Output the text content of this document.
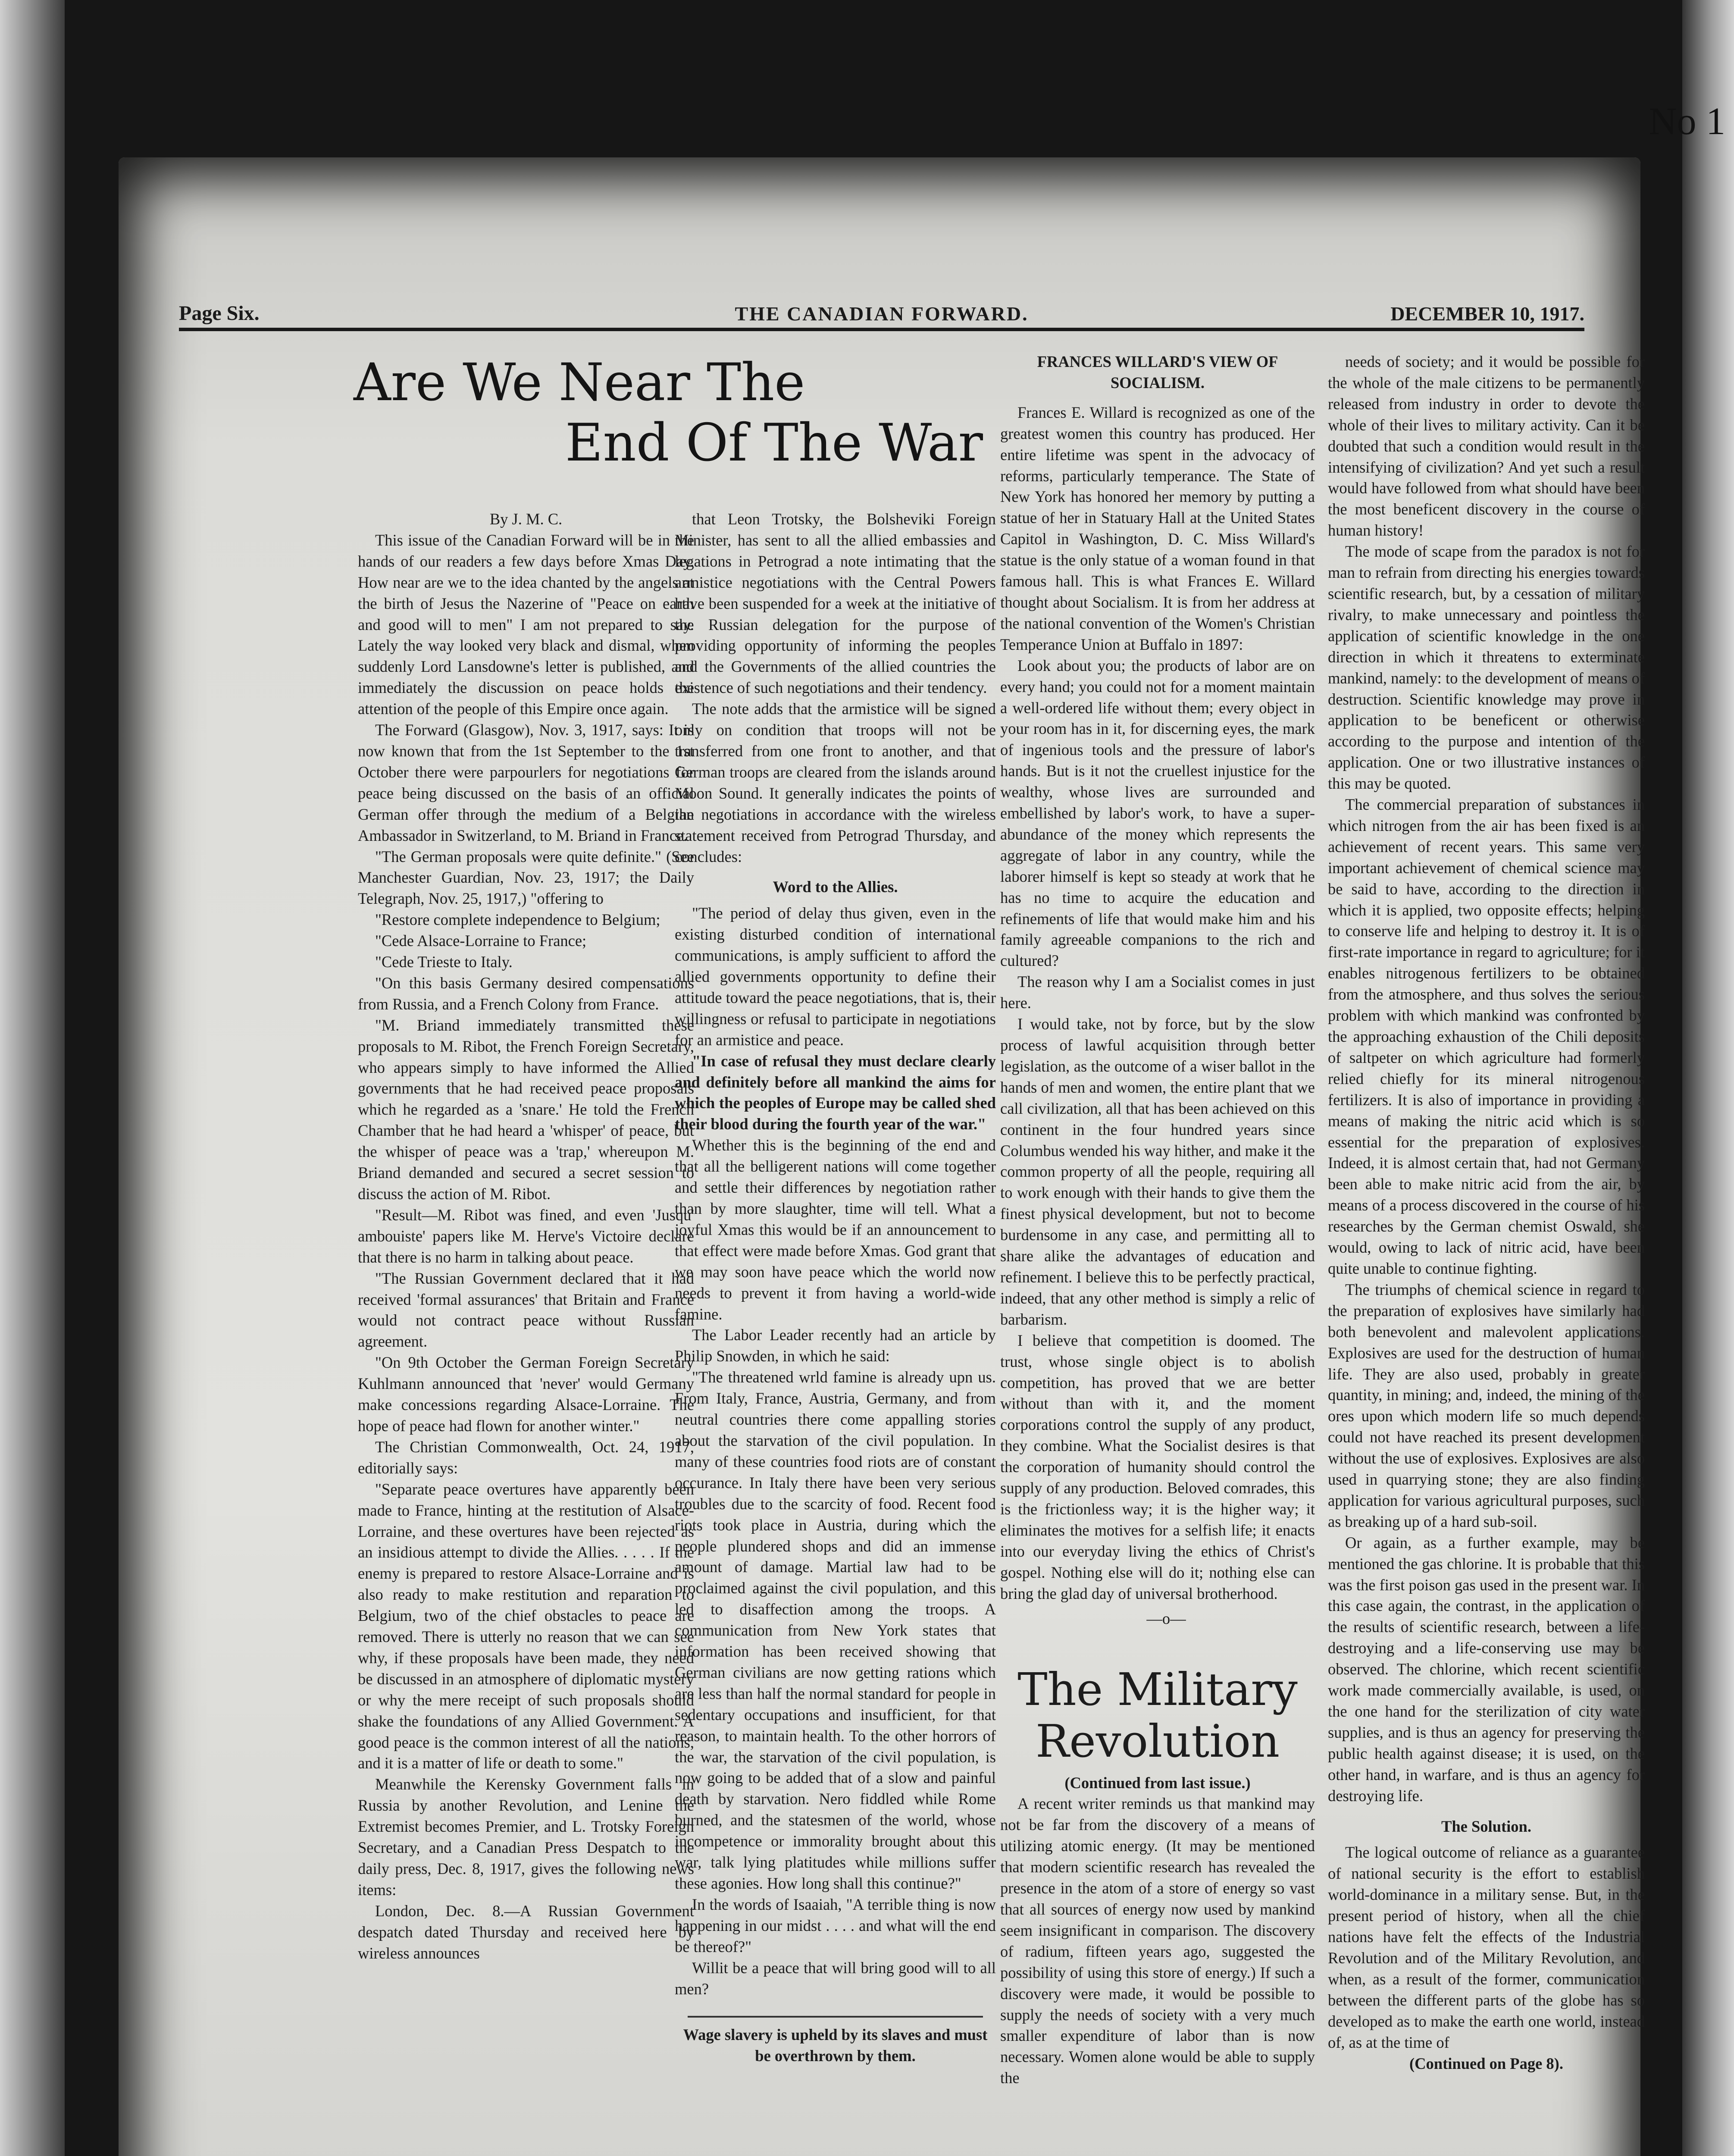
No 1
Page Six.	THE CANADIAN FORWARD.	DECEMBER 10, 1917.
Are We Near The
End Of The War

By J. M. C.

This issue of the Canadian Forward will be in the hands of our readers a few days before Xmas Day. How near are we to the idea chanted by the angels at the birth of Jesus the Nazerine of "Peace on earth and good will to men" I am not prepared to say. Lately the way looked very black and dismal, when suddenly Lord Lansdowne's letter is published, and immediately the discussion on peace holds the attention of the people of this Empire once again.

The Forward (Glasgow), Nov. 3, 1917, says: It is now known that from the 1st September to the 1st October there were parpourlers for negotiations for peace being discussed on the basis of an official German offer through the medium of a Belgian Ambassador in Switzerland, to M. Briand in France.

"The German proposals were quite definite." (See Manchester Guardian, Nov. 23, 1917; the Daily Telegraph, Nov. 25, 1917,) "offering to

"Restore complete independence to Belgium;

"Cede Alsace-Lorraine to France;

"Cede Trieste to Italy.

"On this basis Germany desired compensations from Russia, and a French Colony from France.

"M. Briand immediately transmitted these proposals to M. Ribot, the French Foreign Secretary, who appears simply to have informed the Allied governments that he had received peace proposals which he regarded as a 'snare.' He told the French Chamber that he had heard a 'whisper' of peace, but the whisper of peace was a 'trap,' whereupon M. Briand demanded and secured a secret session to discuss the action of M. Ribot.

"Result—M. Ribot was fined, and even 'Jusqu' ambouiste' papers like M. Herve's Victoire declare that there is no harm in talking about peace.

"The Russian Government declared that it had received 'formal assurances' that Britain and France would not contract peace without Russian agreement.

"On 9th October the German Foreign Secretary Kuhlmann announced that 'never' would Germany make concessions regarding Alsace-Lorraine. The hope of peace had flown for another winter."

The Christian Commonwealth, Oct. 24, 1917, editorially says:

"Separate peace overtures have apparently been made to France, hinting at the restitution of Alsace-Lorraine, and these overtures have been rejected as an insidious attempt to divide the Allies. . . . . If the enemy is prepared to restore Alsace-Lorraine and is also ready to make restitution and reparation to Belgium, two of the chief obstacles to peace are removed. There is utterly no reason that we can see why, if these proposals have been made, they need be discussed in an atmosphere of diplomatic mystery or why the mere receipt of such proposals should shake the foundations of any Allied Government. A good peace is the common interest of all the nations, and it is a matter of life or death to some."

Meanwhile the Kerensky Government falls in Russia by another Revolution, and Lenine the Extremist becomes Premier, and L. Trotsky Foreign Secretary, and a Canadian Press Despatch to the daily press, Dec. 8, 1917, gives the following news items:

London, Dec. 8.—A Russian Government despatch dated Thursday and received here by wireless announces

that Leon Trotsky, the Bolsheviki Foreign Minister, has sent to all the allied embassies and legations in Petrograd a note intimating that the armistice negotiations with the Central Powers have been suspended for a week at the initiative of the Russian delegation for the purpose of providing opportunity of informing the peoples and the Governments of the allied countries the existence of such negotiations and their tendency.

The note adds that the armistice will be signed only on condition that troops will not be transferred from one front to another, and that German troops are cleared from the islands around Moon Sound. It generally indicates the points of the negotiations in accordance with the wireless statement received from Petrograd Thursday, and concludes:

Word to the Allies.

"The period of delay thus given, even in the existing disturbed condition of international communications, is amply sufficient to afford the allied governments opportunity to define their attitude toward the peace negotiations, that is, their willingness or refusal to participate in negotiations for an armistice and peace.

"In case of refusal they must declare clearly and definitely before all mankind the aims for which the peoples of Europe may be called shed their blood during the fourth year of the war."

Whether this is the beginning of the end and that all the belligerent nations will come together and settle their differences by negotiation rather than by more slaughter, time will tell. What a joyful Xmas this would be if an announcement to that effect were made before Xmas. God grant that we may soon have peace which the world now needs to prevent it from having a world-wide famine.

The Labor Leader recently had an article by Philip Snowden, in which he said:

"The threatened wrld famine is already upn us. From Italy, France, Austria, Germany, and from neutral countries there come appalling stories about the starvation of the civil population. In many of these countries food riots are of constant occurance. In Italy there have been very serious troubles due to the scarcity of food. Recent food riots took place in Austria, during which the people plundered shops and did an immense amount of damage. Martial law had to be proclaimed against the civil population, and this led to disaffection among the troops. A communication from New York states that information has been received showing that German civilians are now getting rations which are less than half the normal standard for people in sedentary occupations and insufficient, for that reason, to maintain health. To the other horrors of the war, the starvation of the civil population, is now going to be added that of a slow and painful death by starvation. Nero fiddled while Rome burned, and the statesmen of the world, whose incompetence or immorality brought about this war, talk lying platitudes while millions suffer these agonies. How long shall this continue?"

In the words of Isaaiah, "A terrible thing is now happening in our midst . . . . and what will the end be thereof?"

Willit be a peace that will bring good will to all men?

Wage slavery is upheld by its slaves and must be overthrown by them.

FRANCES WILLARD'S VIEW OF SOCIALISM.

Frances E. Willard is recognized as one of the greatest women this country has produced. Her entire lifetime was spent in the advocacy of reforms, particularly temperance. The State of New York has honored her memory by putting a statue of her in Statuary Hall at the United States Capitol in Washington, D. C. Miss Willard's statue is the only statue of a woman found in that famous hall. This is what Frances E. Willard thought about Socialism. It is from her address at the national convention of the Women's Christian Temperance Union at Buffalo in 1897:

Look about you; the products of labor are on every hand; you could not for a moment maintain a well-ordered life without them; every object in your room has in it, for discerning eyes, the mark of ingenious tools and the pressure of labor's hands. But is it not the cruellest injustice for the wealthy, whose lives are surrounded and embellished by labor's work, to have a super-abundance of the money which represents the aggregate of labor in any country, while the laborer himself is kept so steady at work that he has no time to acquire the education and refinements of life that would make him and his family agreeable companions to the rich and cultured?

The reason why I am a Socialist comes in just here.

I would take, not by force, but by the slow process of lawful acquisition through better legislation, as the outcome of a wiser ballot in the hands of men and women, the entire plant that we call civilization, all that has been achieved on this continent in the four hundred years since Columbus wended his way hither, and make it the common property of all the people, requiring all to work enough with their hands to give them the finest physical development, but not to become burdensome in any case, and permitting all to share alike the advantages of education and refinement. I believe this to be perfectly practical, indeed, that any other method is simply a relic of barbarism.

I believe that competition is doomed. The trust, whose single object is to abolish competition, has proved that we are better without than with it, and the moment corporations control the supply of any product, they combine. What the Socialist desires is that the corporation of humanity should control the supply of any production. Beloved comrades, this is the frictionless way; it is the higher way; it eliminates the motives for a selfish life; it enacts into our everyday living the ethics of Christ's gospel. Nothing else will do it; nothing else can bring the glad day of universal brotherhood.

—o—

The Military
Revolution

(Continued from last issue.)

A recent writer reminds us that mankind may not be far from the discovery of a means of utilizing atomic energy. (It may be mentioned that modern scientific research has revealed the presence in the atom of a store of energy so vast that all sources of energy now used by mankind seem insignificant in comparison. The discovery of radium, fifteen years ago, suggested the possibility of using this store of energy.) If such a discovery were made, it would be possible to supply the needs of society with a very much smaller expenditure of labor than is now necessary. Women alone would be able to supply the

needs of society; and it would be possible for the whole of the male citizens to be permanently released from industry in order to devote the whole of their lives to military activity. Can it be doubted that such a condition would result in the intensifying of civilization? And yet such a result would have followed from what should have been the most beneficent discovery in the course of human history!

The mode of scape from the paradox is not for man to refrain from directing his energies towards scientific research, but, by a cessation of military rivalry, to make unnecessary and pointless the application of scientific knowledge in the one direction in which it threatens to exterminate mankind, namely: to the development of means of destruction. Scientific knowledge may prove in application to be beneficent or otherwise according to the purpose and intention of the application. One or two illustrative instances of this may be quoted.

The commercial preparation of substances in which nitrogen from the air has been fixed is an achievement of recent years. This same very important achievement of chemical science may be said to have, according to the direction in which it is applied, two opposite effects; helping to conserve life and helping to destroy it. It is of first-rate importance in regard to agriculture; for it enables nitrogenous fertilizers to be obtained from the atmosphere, and thus solves the serious problem with which mankind was confronted by the approaching exhaustion of the Chili deposits of saltpeter on which agriculture had formerly relied chiefly for its mineral nitrogenous fertilizers. It is also of importance in providing a means of making the nitric acid which is so essential for the preparation of explosives. Indeed, it is almost certain that, had not Germany been able to make nitric acid from the air, by means of a process discovered in the course of his researches by the German chemist Oswald, she would, owing to lack of nitric acid, have been quite unable to continue fighting.

The triumphs of chemical science in regard to the preparation of explosives have similarly had both benevolent and malevolent applications. Explosives are used for the destruction of human life. They are also used, probably in greater quantity, in mining; and, indeed, the mining of the ores upon which modern life so much depends could not have reached its present development without the use of explosives. Explosives are also used in quarrying stone; they are also finding application for various agricultural purposes, such as breaking up of a hard sub-soil.

Or again, as a further example, may be mentioned the gas chlorine. It is probable that this was the first poison gas used in the present war. In this case again, the contrast, in the application of the results of scientific research, between a life-destroying and a life-conserving use may be observed. The chlorine, which recent scientific work made commercially available, is used, on the one hand for the sterilization of city water supplies, and is thus an agency for preserving the public health against disease; it is used, on the other hand, in warfare, and is thus an agency for destroying life.

The Solution.

The logical outcome of reliance as a guarantee of national security is the effort to establish world-dominance in a military sense. But, in the present period of history, when all the chief nations have felt the effects of the Industrial Revolution and of the Military Revolution, and when, as a result of the former, communication between the different parts of the globe has so developed as to make the earth one world, instead of, as at the time of

(Continued on Page 8).
